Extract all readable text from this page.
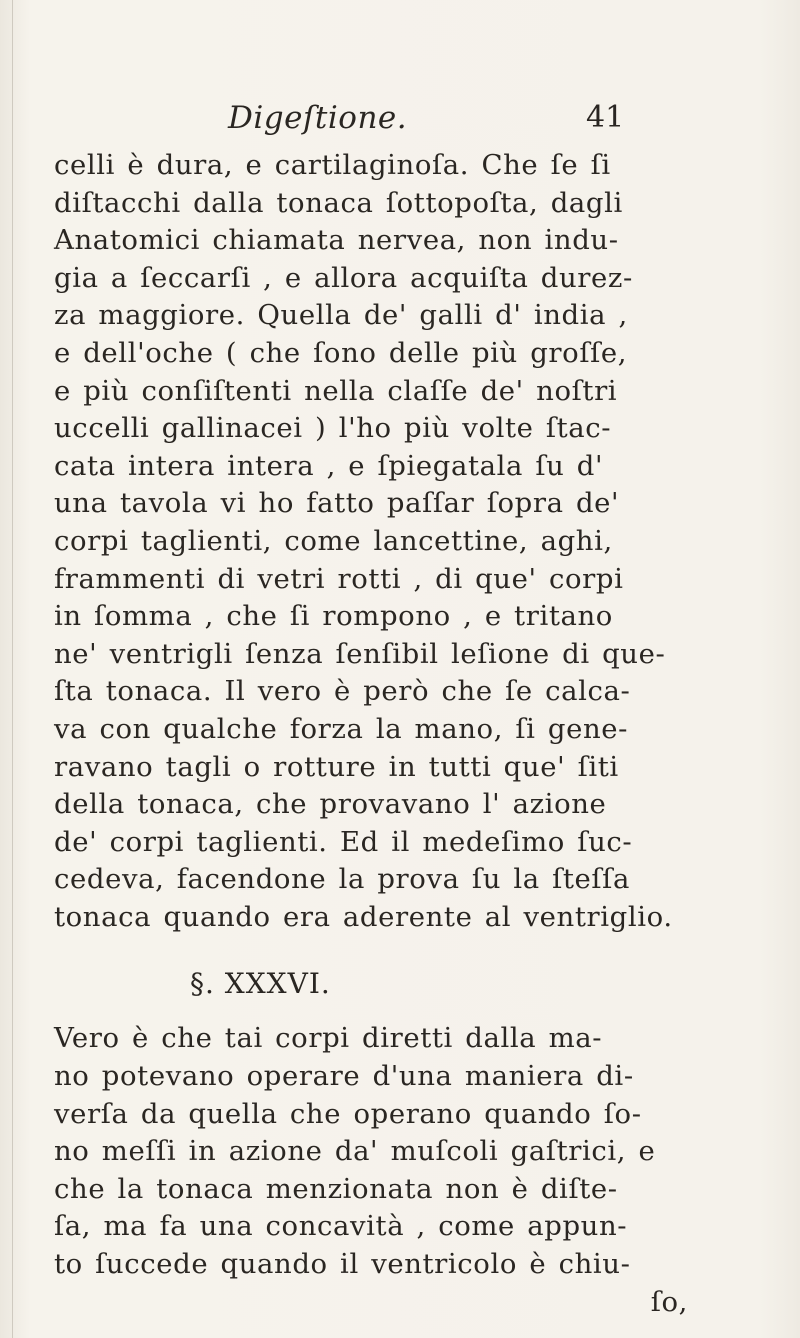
Digeſtione.	41
celli è dura, e cartilaginoſa. Che ſe ſi
diſtacchi dalla tonaca ſottopoſta, dagli
Anatomici chiamata nervea, non indu-
gia a ſeccarſi , e allora acquiſta durez-
za maggiore. Quella de' galli d' india ,
e dell'oche ( che ſono delle più groſſe,
e più conſiſtenti nella claſſe de' noſtri
uccelli gallinacei ) l'ho più volte ſtac-
cata intera intera , e ſpiegatala ſu d'
una tavola vi ho fatto paſſar ſopra de'
corpi taglienti, come lancettine, aghi,
frammenti di vetri rotti , di que' corpi
in ſomma , che ſi rompono , e tritano
ne' ventrigli ſenza ſenſibil leſione di que-
ſta tonaca. Il vero è però che ſe calca-
va con qualche forza la mano, ſi gene-
ravano tagli o rotture in tutti que' ſiti
della tonaca, che provavano l' azione
de' corpi taglienti. Ed il medeſimo ſuc-
cedeva, facendone la prova ſu la ſteſſa
tonaca quando era aderente al ventriglio.
§. XXXVI.
Vero è che tai corpi diretti dalla ma-
no potevano operare d'una maniera di-
verſa da quella che operano quando ſo-
no meſſi in azione da' muſcoli gaſtrici, e
che la tonaca menzionata non è diſte-
ſa, ma fa una concavità , come appun-
to ſuccede quando il ventricolo è chiu-
ſo,
